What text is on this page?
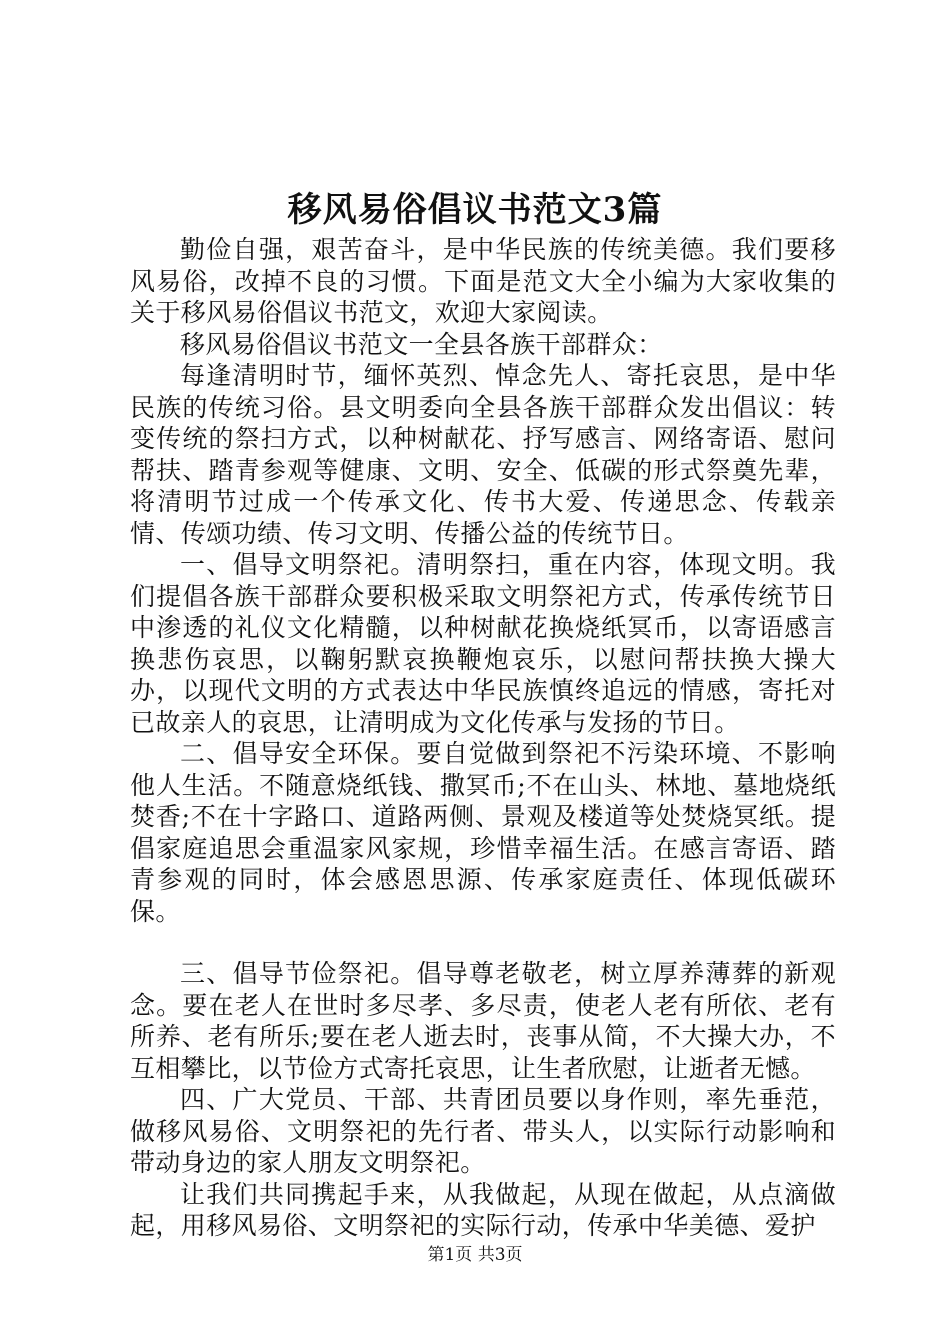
移风易俗倡议书范文3篇

勤俭自强，艰苦奋斗，是中华民族的传统美德。我们要移风易俗，改掉不良的习惯。下面是范文大全小编为大家收集的关于移风易俗倡议书范文，欢迎大家阅读。

移风易俗倡议书范文一全县各族干部群众：

每逢清明时节，缅怀英烈、悼念先人、寄托哀思，是中华民族的传统习俗。县文明委向全县各族干部群众发出倡议：转变传统的祭扫方式，以种树献花、抒写感言、网络寄语、慰问帮扶、踏青参观等健康、文明、安全、低碳的形式祭奠先辈，将清明节过成一个传承文化、传书大爱、传递思念、传载亲情、传颂功绩、传习文明、传播公益的传统节日。

一、倡导文明祭祀。清明祭扫，重在内容，体现文明。我们提倡各族干部群众要积极采取文明祭祀方式，传承传统节日中渗透的礼仪文化精髓，以种树献花换烧纸冥币，以寄语感言换悲伤哀思，以鞠躬默哀换鞭炮哀乐，以慰问帮扶换大操大办，以现代文明的方式表达中华民族慎终追远的情感，寄托对已故亲人的哀思，让清明成为文化传承与发扬的节日。

二、倡导安全环保。要自觉做到祭祀不污染环境、不影响他人生活。不随意烧纸钱、撒冥币;不在山头、林地、墓地烧纸焚香;不在十字路口、道路两侧、景观及楼道等处焚烧冥纸。提倡家庭追思会重温家风家规，珍惜幸福生活。在感言寄语、踏青参观的同时，体会感恩思源、传承家庭责任、体现低碳环保。

三、倡导节俭祭祀。倡导尊老敬老，树立厚养薄葬的新观念。要在老人在世时多尽孝、多尽责，使老人老有所依、老有所养、老有所乐;要在老人逝去时，丧事从简，不大操大办，不互相攀比，以节俭方式寄托哀思，让生者欣慰，让逝者无憾。

四、广大党员、干部、共青团员要以身作则，率先垂范，做移风易俗、文明祭祀的先行者、带头人，以实际行动影响和带动身边的家人朋友文明祭祀。

让我们共同携起手来，从我做起，从现在做起，从点滴做起，用移风易俗、文明祭祀的实际行动，传承中华美德、爱护

第1页 共3页
